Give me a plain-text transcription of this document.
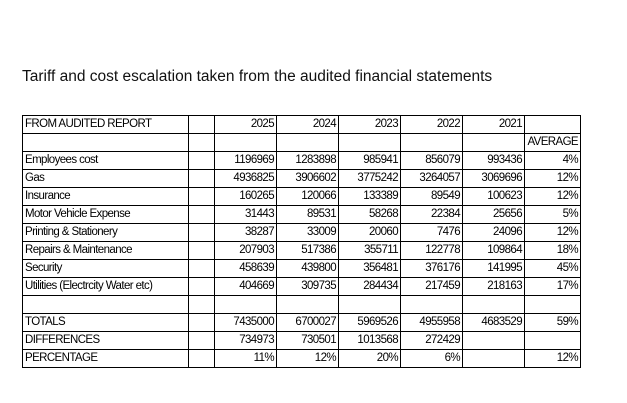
Tariff and cost escalation taken from the audited financial statements
FROM AUDITED REPORT		2025	2024	2023	2022	2021	
							AVERAGE
Employees cost		1196969	1283898	985941	856079	993436	4%
Gas		4936825	3906602	3775242	3264057	3069696	12%
Insurance		160265	120066	133389	89549	100623	12%
Motor Vehicle Expense		31443	89531	58268	22384	25656	5%
Printing & Stationery		38287	33009	20060	7476	24096	12%
Repairs & Maintenance		207903	517386	355711	122778	109864	18%
Security		458639	439800	356481	376176	141995	45%
Utilities (Electrcity Water etc)		404669	309735	284434	217459	218163	17%

TOTALS		7435000	6700027	5969526	4955958	4683529	59%
DIFFERENCES		734973	730501	1013568	272429		
PERCENTAGE		11%	12%	20%	6%		12%
